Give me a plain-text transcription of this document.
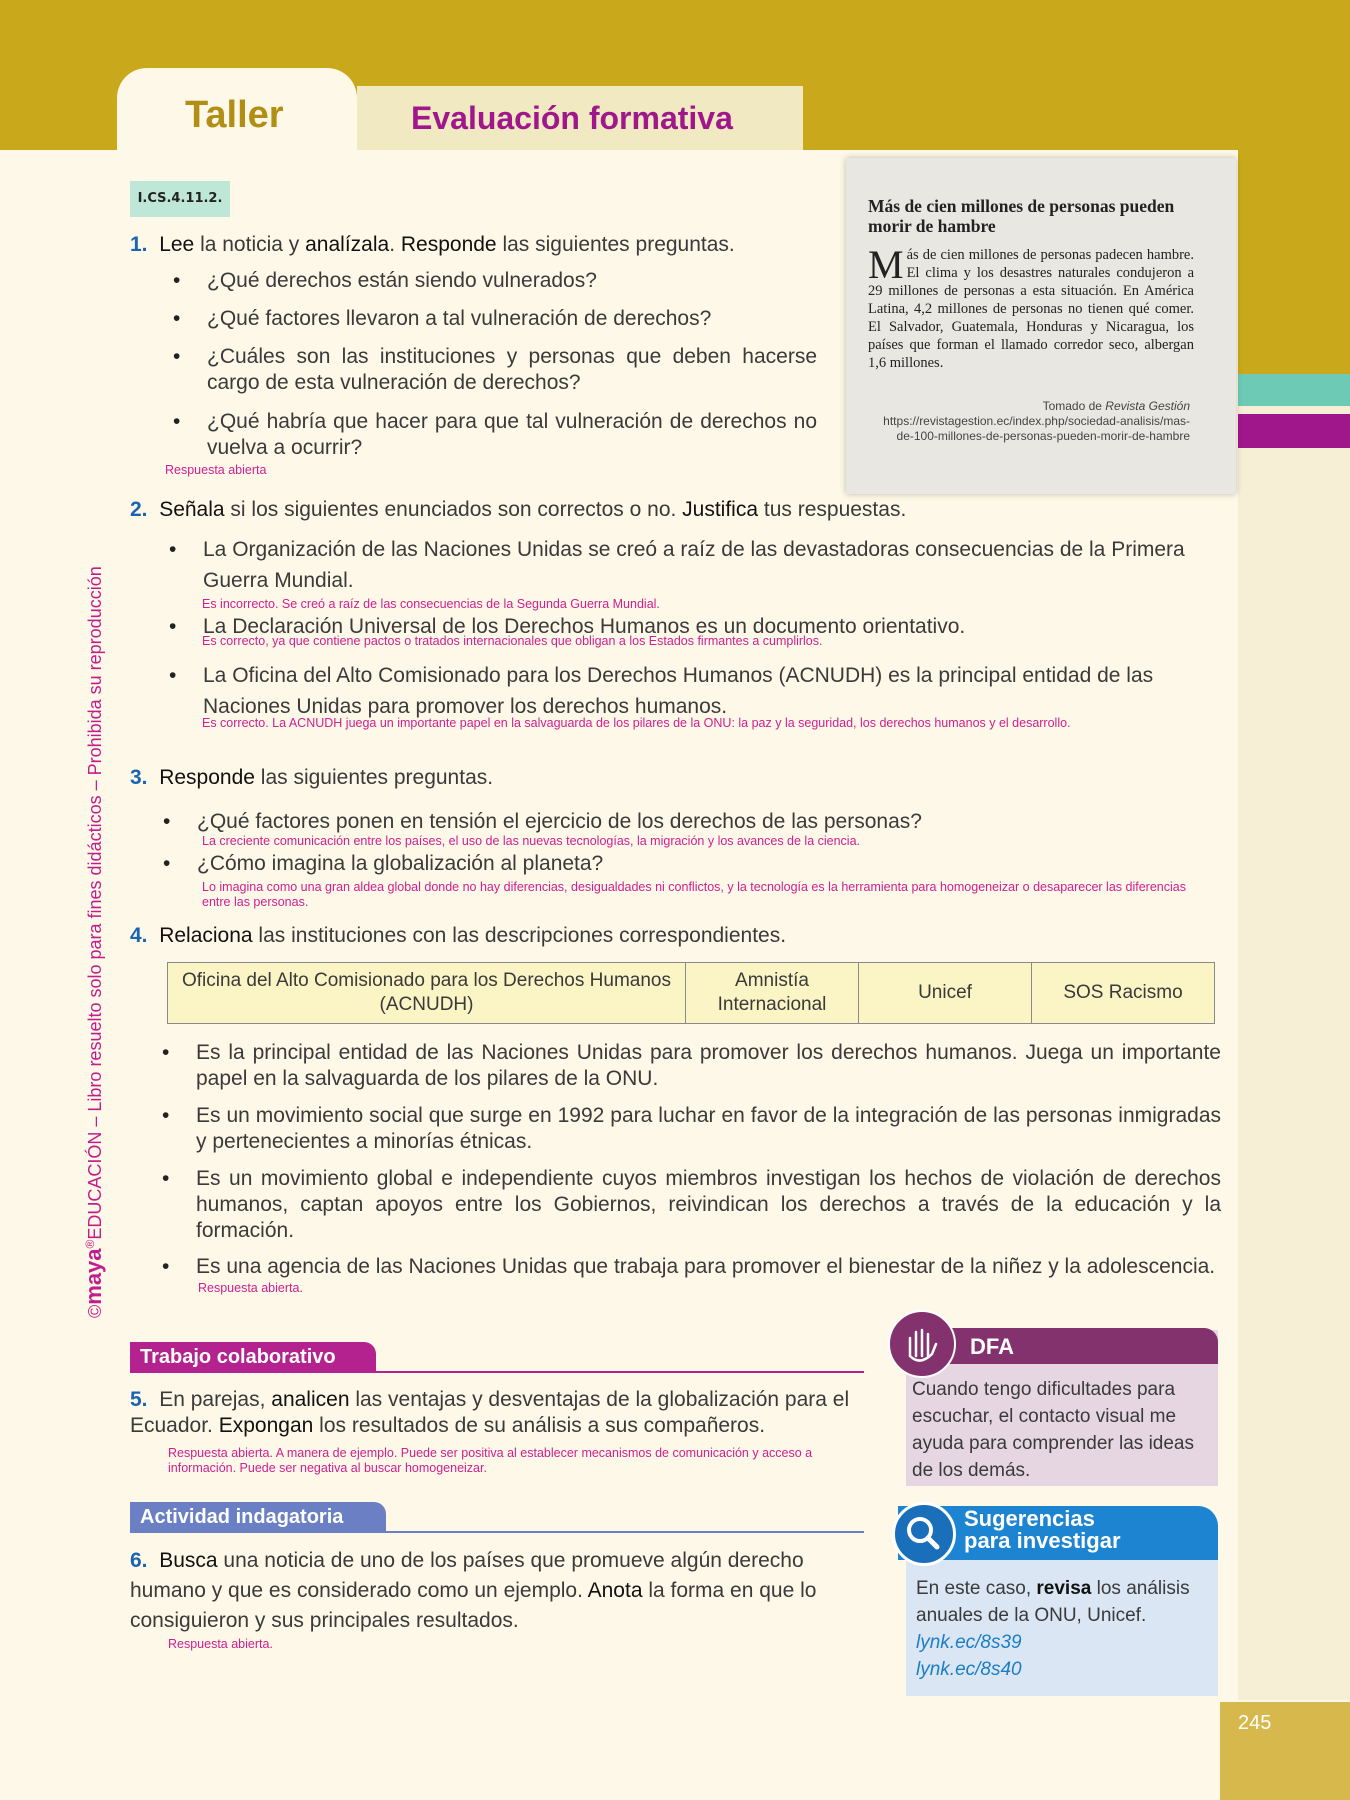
Taller	Evaluación formativa
I.CS.4.11.2.	Más de cien millones de personas pueden morir de hambre
Más de cien millones de personas padecen hambre. El clima y los desastres naturales condujeron a 29 millones de personas a esta situación. En América Latina, 4,2 millones de personas no tienen qué comer. El Salvador, Guatemala, Honduras y Nicaragua, los países que forman el llamado corredor seco, albergan 1,6 millones.
Tomado de Revista Gestión
https://revistagestion.ec/index.php/sociedad-analisis/mas-de-100-millones-de-personas-pueden-morir-de-hambre
©maya®EDUCACIÓN – Libro resuelto solo para fines didácticos – Prohibida su reproducción
1. Lee la noticia y analízala. Responde las siguientes preguntas.
• ¿Qué derechos están siendo vulnerados?
• ¿Qué factores llevaron a tal vulneración de derechos?
• ¿Cuáles son las instituciones y personas que deben hacerse cargo de esta vulneración de derechos?
• ¿Qué habría que hacer para que tal vulneración de derechos no vuelva a ocurrir?
Respuesta abierta
2. Señala si los siguientes enunciados son correctos o no. Justifica tus respuestas.
• La Organización de las Naciones Unidas se creó a raíz de las devastadoras consecuencias de la Primera Guerra Mundial.
Es incorrecto. Se creó a raíz de las consecuencias de la Segunda Guerra Mundial.
• La Declaración Universal de los Derechos Humanos es un documento orientativo.
Es correcto, ya que contiene pactos o tratados internacionales que obligan a los Estados firmantes a cumplirlos.
• La Oficina del Alto Comisionado para los Derechos Humanos (ACNUDH) es la principal entidad de las Naciones Unidas para promover los derechos humanos.
Es correcto. La ACNUDH juega un importante papel en la salvaguarda de los pilares de la ONU: la paz y la seguridad, los derechos humanos y el desarrollo.
3. Responde las siguientes preguntas.
• ¿Qué factores ponen en tensión el ejercicio de los derechos de las personas?
La creciente comunicación entre los países, el uso de las nuevas tecnologías, la migración y los avances de la ciencia.
• ¿Cómo imagina la globalización al planeta?
Lo imagina como una gran aldea global donde no hay diferencias, desigualdades ni conflictos, y la tecnología es la herramienta para homogeneizar o desaparecer las diferencias entre las personas.
4. Relaciona las instituciones con las descripciones correspondientes.
Oficina del Alto Comisionado para los Derechos Humanos (ACNUDH)	Amnistía Internacional	Unicef	SOS Racismo
• Es la principal entidad de las Naciones Unidas para promover los derechos humanos. Juega un importante papel en la salvaguarda de los pilares de la ONU.
• Es un movimiento social que surge en 1992 para luchar en favor de la integración de las personas inmigradas y pertenecientes a minorías étnicas.
• Es un movimiento global e independiente cuyos miembros investigan los hechos de violación de derechos humanos, captan apoyos entre los Gobiernos, reivindican los derechos a través de la educación y la formación.
• Es una agencia de las Naciones Unidas que trabaja para promover el bienestar de la niñez y la adolescencia.
Respuesta abierta.
Trabajo colaborativo
5. En parejas, analicen las ventajas y desventajas de la globalización para el Ecuador. Expongan los resultados de su análisis a sus compañeros.
Respuesta abierta. A manera de ejemplo. Puede ser positiva al establecer mecanismos de comunicación y acceso a información. Puede ser negativa al buscar homogeneizar.
Actividad indagatoria
6. Busca una noticia de uno de los países que promueve algún derecho humano y que es considerado como un ejemplo. Anota la forma en que lo consiguieron y sus principales resultados.
Respuesta abierta.
DFA
Cuando tengo dificultades para escuchar, el contacto visual me ayuda para comprender las ideas de los demás.
Sugerencias
para investigar
En este caso, revisa los análisis anuales de la ONU, Unicef.
lynk.ec/8s39
lynk.ec/8s40
245
